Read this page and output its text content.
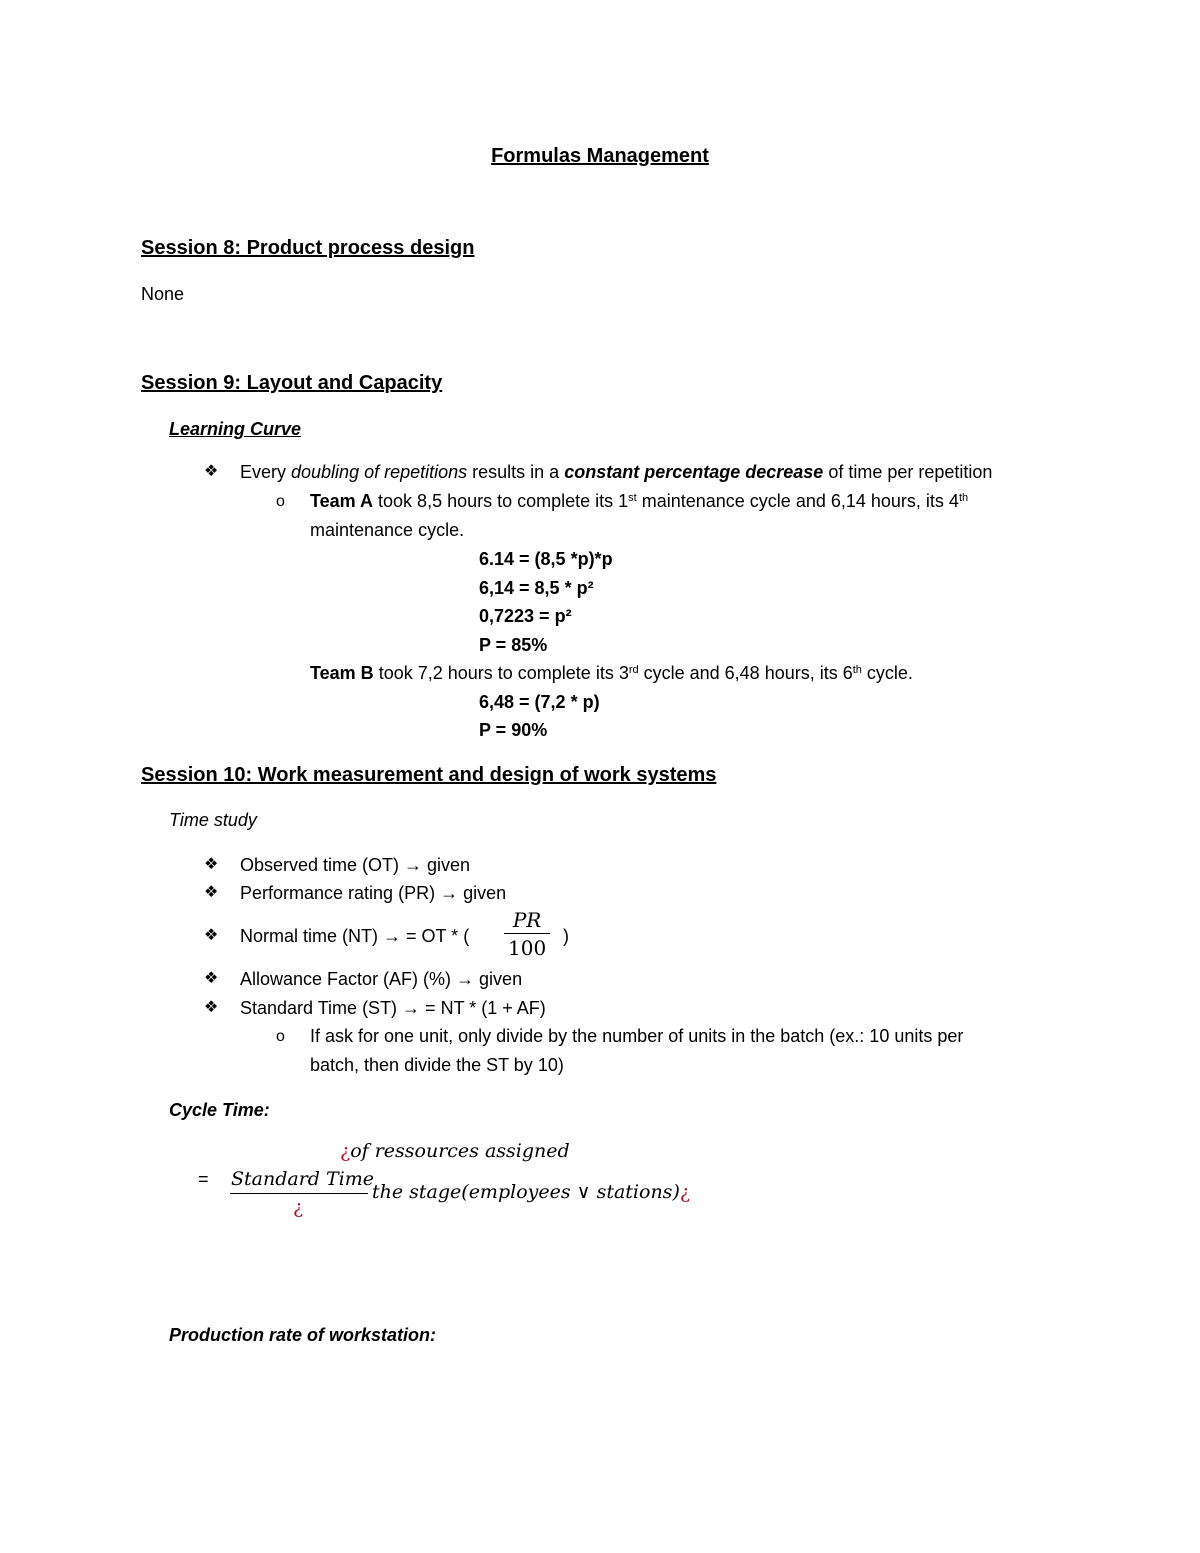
Formulas Management
Session 8: Product process design
None
Session 9: Layout and Capacity
Learning Curve
❖ Every doubling of repetitions results in a constant percentage decrease of time per repetition
o Team A took 8,5 hours to complete its 1st maintenance cycle and 6,14 hours, its 4th
maintenance cycle.
6.14 = (8,5 *p)*p
6,14 = 8,5 * p²
0,7223 = p²
P = 85%
Team B took 7,2 hours to complete its 3rd cycle and 6,48 hours, its 6th cycle.
6,48 = (7,2 * p)
P = 90%
Session 10: Work measurement and design of work systems
Time study
❖ Observed time (OT) → given
❖ Performance rating (PR) → given
❖ Normal time (NT) → = OT * ( $\frac{PR}{100}$ )
❖ Allowance Factor (AF) (%) → given
❖ Standard Time (ST) → = NT * (1 + AF)
o If ask for one unit, only divide by the number of units in the batch (ex.: 10 units per
batch, then divide the ST by 10)
Cycle Time:
¿of ressources assigned
= Standard Time
¿
the stage(employees ∨ stations)¿
Production rate of workstation:
